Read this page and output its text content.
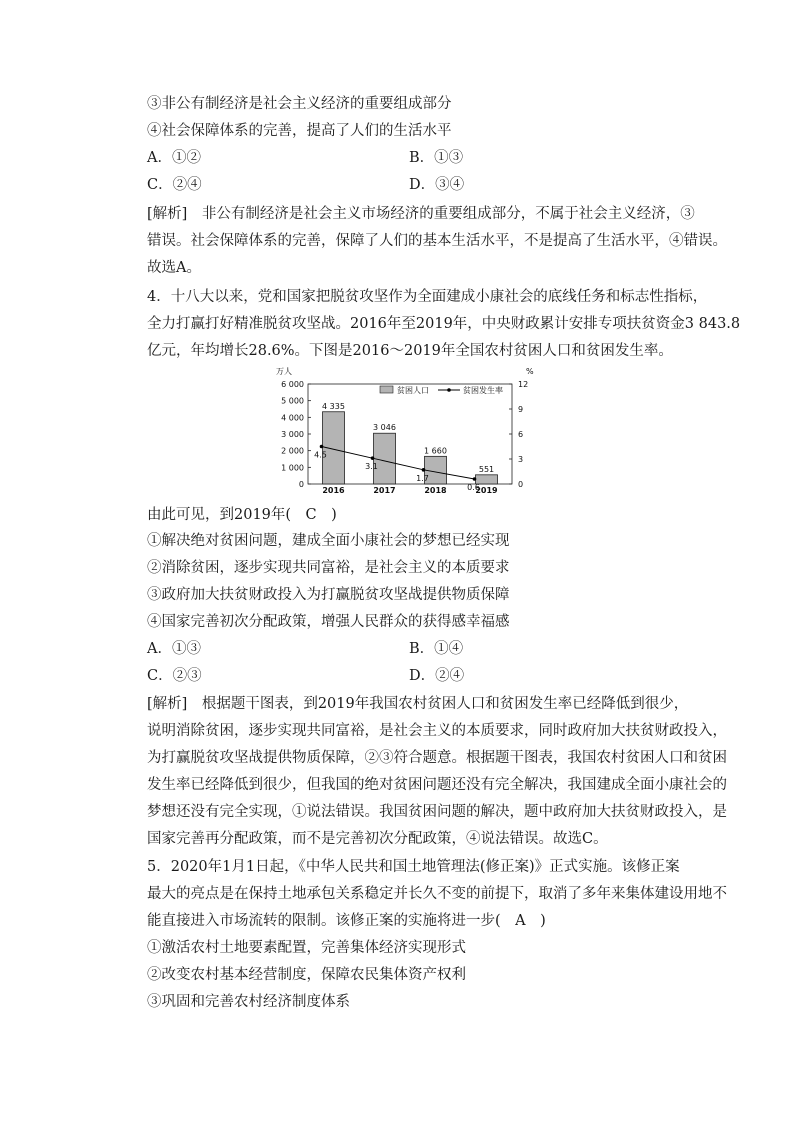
③非公有制经济是社会主义经济的重要组成部分
④社会保障体系的完善，提高了人们的生活水平
A．①②	B．①③
C．②④	D．③④
[解析]　非公有制经济是社会主义市场经济的重要组成部分，不属于社会主义经济，③
错误。社会保障体系的完善，保障了人们的基本生活水平，不是提高了生活水平，④错误。
故选A。
4．十八大以来，党和国家把脱贫攻坚作为全面建成小康社会的底线任务和标志性指标，
全力打赢打好精准脱贫攻坚战。2016年至2019年，中央财政累计安排专项扶贫资金3 843.8
亿元，年均增长28.6%。下图是2016～2019年全国农村贫困人口和贫困发生率。
万人	%
0
1 000
2 000
3 000
4 000
5 000
6 000
0
3
6
9
12
4 335
3 046
1 660
551
4.5
3.1
1.7
0.6
2016	2017	2018	2019
贫困人口	贫困发生率
由此可见，到2019年(　C　)
①解决绝对贫困问题，建成全面小康社会的梦想已经实现
②消除贫困，逐步实现共同富裕，是社会主义的本质要求
③政府加大扶贫财政投入为打赢脱贫攻坚战提供物质保障
④国家完善初次分配政策，增强人民群众的获得感幸福感
A．①③	B．①④
C．②③	D．②④
[解析]　根据题干图表，到2019年我国农村贫困人口和贫困发生率已经降低到很少，
说明消除贫困，逐步实现共同富裕，是社会主义的本质要求，同时政府加大扶贫财政投入，
为打赢脱贫攻坚战提供物质保障，②③符合题意。根据题干图表，我国农村贫困人口和贫困
发生率已经降低到很少，但我国的绝对贫困问题还没有完全解决，我国建成全面小康社会的
梦想还没有完全实现，①说法错误。我国贫困问题的解决，题中政府加大扶贫财政投入，是
国家完善再分配政策，而不是完善初次分配政策，④说法错误。故选C。
5．2020年1月1日起，《中华人民共和国土地管理法(修正案)》正式实施。该修正案
最大的亮点是在保持土地承包关系稳定并长久不变的前提下，取消了多年来集体建设用地不
能直接进入市场流转的限制。该修正案的实施将进一步(　A　)
①激活农村土地要素配置，完善集体经济实现形式
②改变农村基本经营制度，保障农民集体资产权利
③巩固和完善农村经济制度体系
